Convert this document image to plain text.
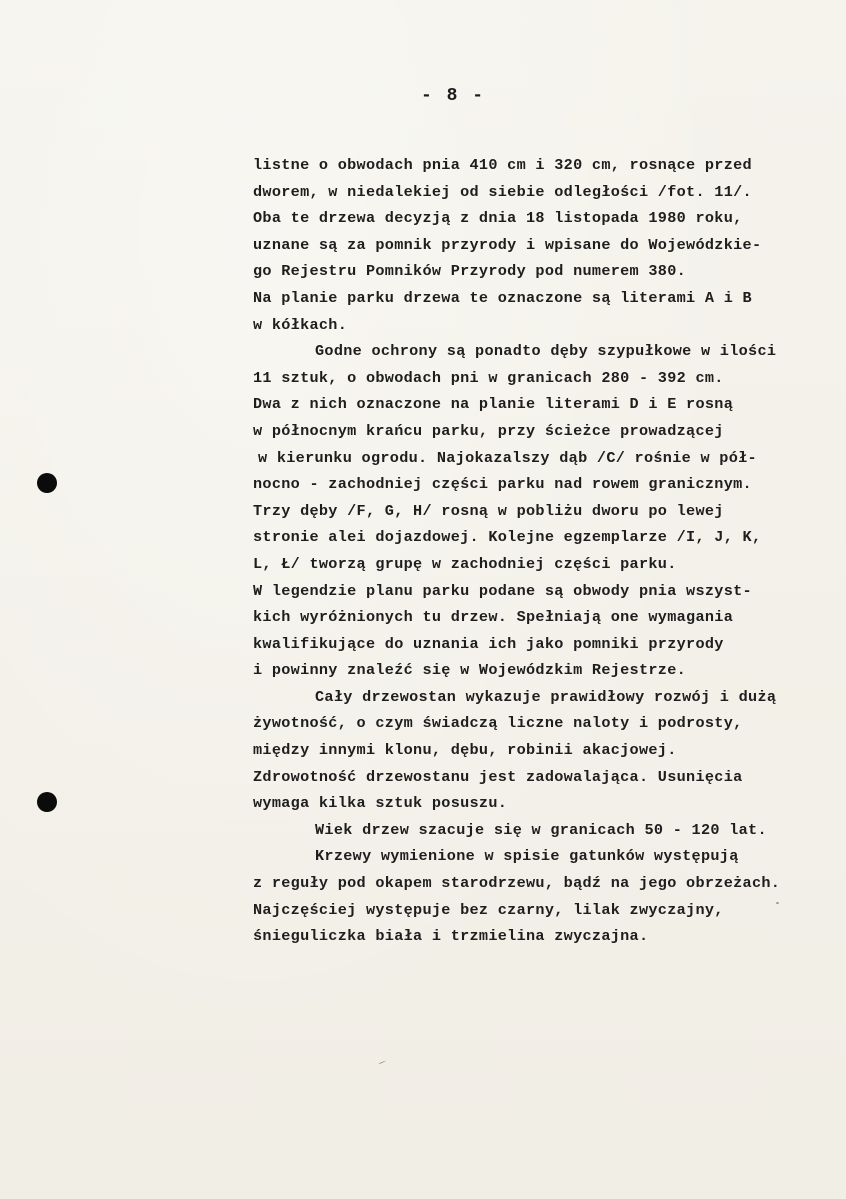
- 8 -
listne o obwodach pnia 410 cm i 320 cm, rosnące przed
dworem, w niedalekiej od siebie odległości /fot. 11/.
Oba te drzewa decyzją z dnia 18 listopada 1980 roku,
uznane są za pomnik przyrody i wpisane do Wojewódzkie-
go Rejestru Pomników Przyrody pod numerem 380.
Na planie parku drzewa te oznaczone są literami A i B
w kółkach.
Godne ochrony są ponadto dęby szypułkowe w ilości
11 sztuk, o obwodach pni w granicach 280 - 392 cm.
Dwa z nich oznaczone na planie literami D i E rosną
w północnym krańcu parku, przy ścieżce prowadzącej
w kierunku ogrodu. Najokazalszy dąb /C/ rośnie w pół-
nocno - zachodniej części parku nad rowem granicznym.
Trzy dęby /F, G, H/ rosną w pobliżu dworu po lewej
stronie alei dojazdowej. Kolejne egzemplarze /I, J, K,
L, Ł/ tworzą grupę w zachodniej części parku.
W legendzie planu parku podane są obwody pnia wszyst-
kich wyróżnionych tu drzew. Spełniają one wymagania
kwalifikujące do uznania ich jako pomniki przyrody
i powinny znaleźć się w Wojewódzkim Rejestrze.
Cały drzewostan wykazuje prawidłowy rozwój i dużą
żywotność, o czym świadczą liczne naloty i podrosty,
między innymi klonu, dębu, robinii akacjowej.
Zdrowotność drzewostanu jest zadowalająca. Usunięcia
wymaga kilka sztuk posuszu.
Wiek drzew szacuje się w granicach 50 - 120 lat.
Krzewy wymienione w spisie gatunków występują
z reguły pod okapem starodrzewu, bądź na jego obrzeżach.
Najczęściej występuje bez czarny, lilak zwyczajny,
śnieguliczka biała i trzmielina zwyczajna.
